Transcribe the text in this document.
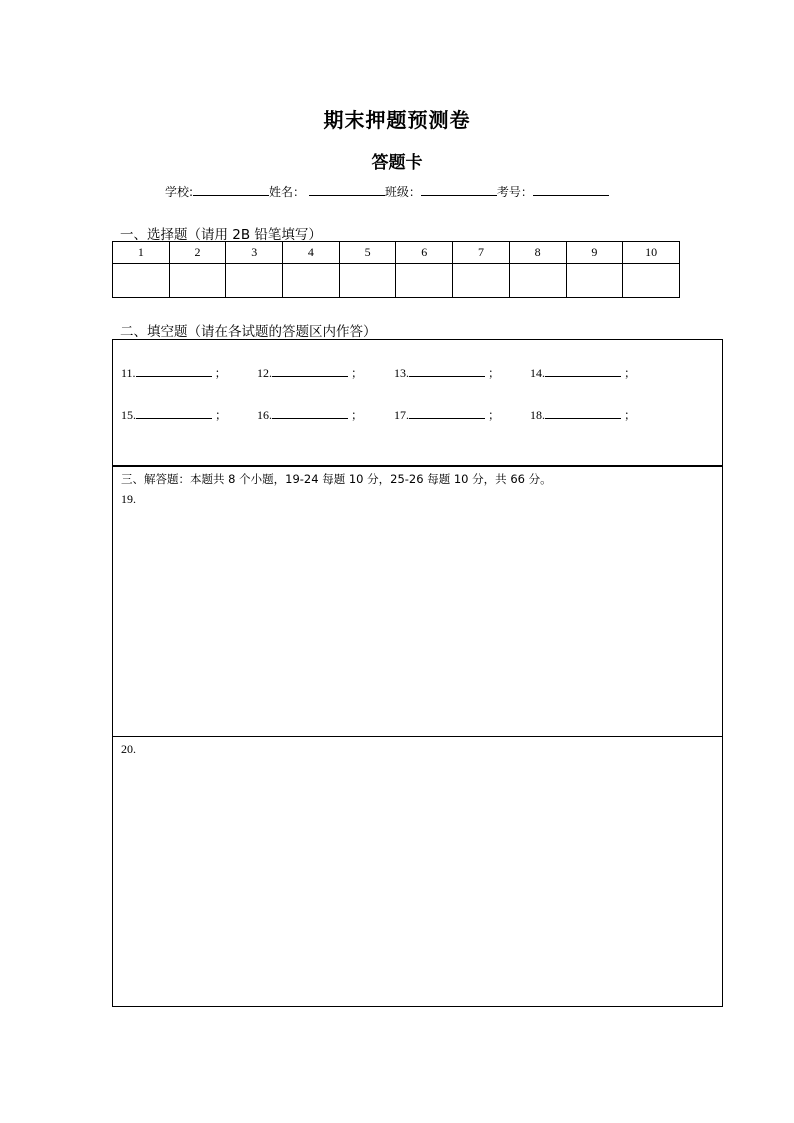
期末押题预测卷
答题卡
学校:	姓名：	班级：	考号：
一、选择题（请用 2B 铅笔填写）
1	2	3	4	5	6	7	8	9	10

二、填空题（请在各试题的答题区内作答）
11.	；	12.	；	13.	；	14.	；
15.	；	16.	；	17.	；	18.	；
三、解答题：本题共 8 个小题，19-24 每题 10 分，25-26 每题 10 分，共 66 分。
19.
20.
